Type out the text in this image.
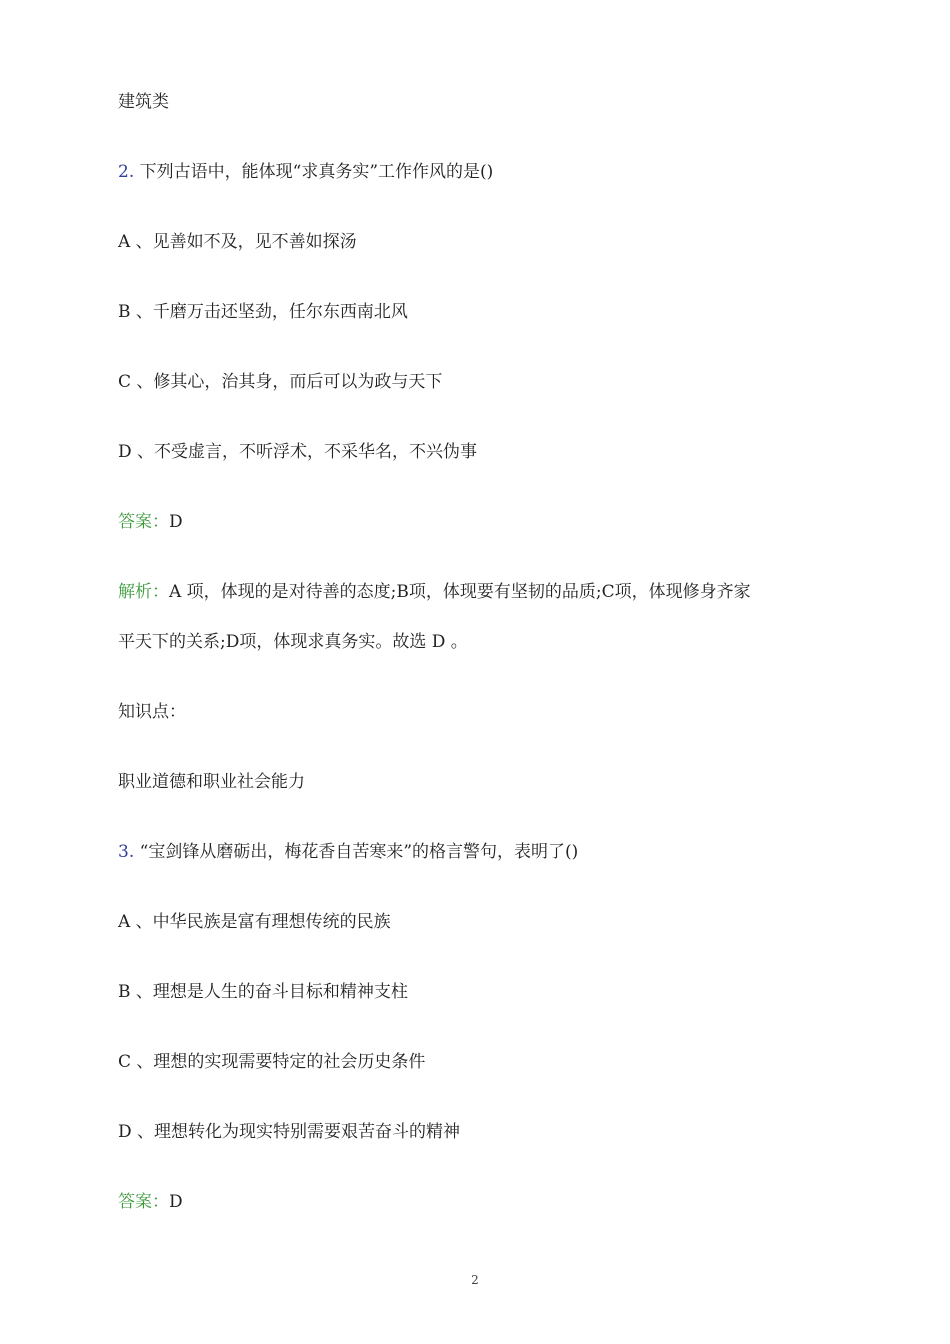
建筑类
2. 下列古语中，能体现“求真务实”工作作风的是()
A 、见善如不及，见不善如探汤
B 、千磨万击还坚劲，任尔东西南北风
C 、修其心，治其身，而后可以为政与天下
D 、不受虚言，不听浮术，不采华名，不兴伪事
答案：D
解析：A 项，体现的是对待善的态度;B项，体现要有坚韧的品质;C项，体现修身齐家
平天下的关系;D项，体现求真务实。故选 D 。
知识点：
职业道德和职业社会能力
3. “宝剑锋从磨砺出，梅花香自苦寒来”的格言警句，表明了()
A 、中华民族是富有理想传统的民族
B 、理想是人生的奋斗目标和精神支柱
C 、理想的实现需要特定的社会历史条件
D 、理想转化为现实特别需要艰苦奋斗的精神
答案：D
2
